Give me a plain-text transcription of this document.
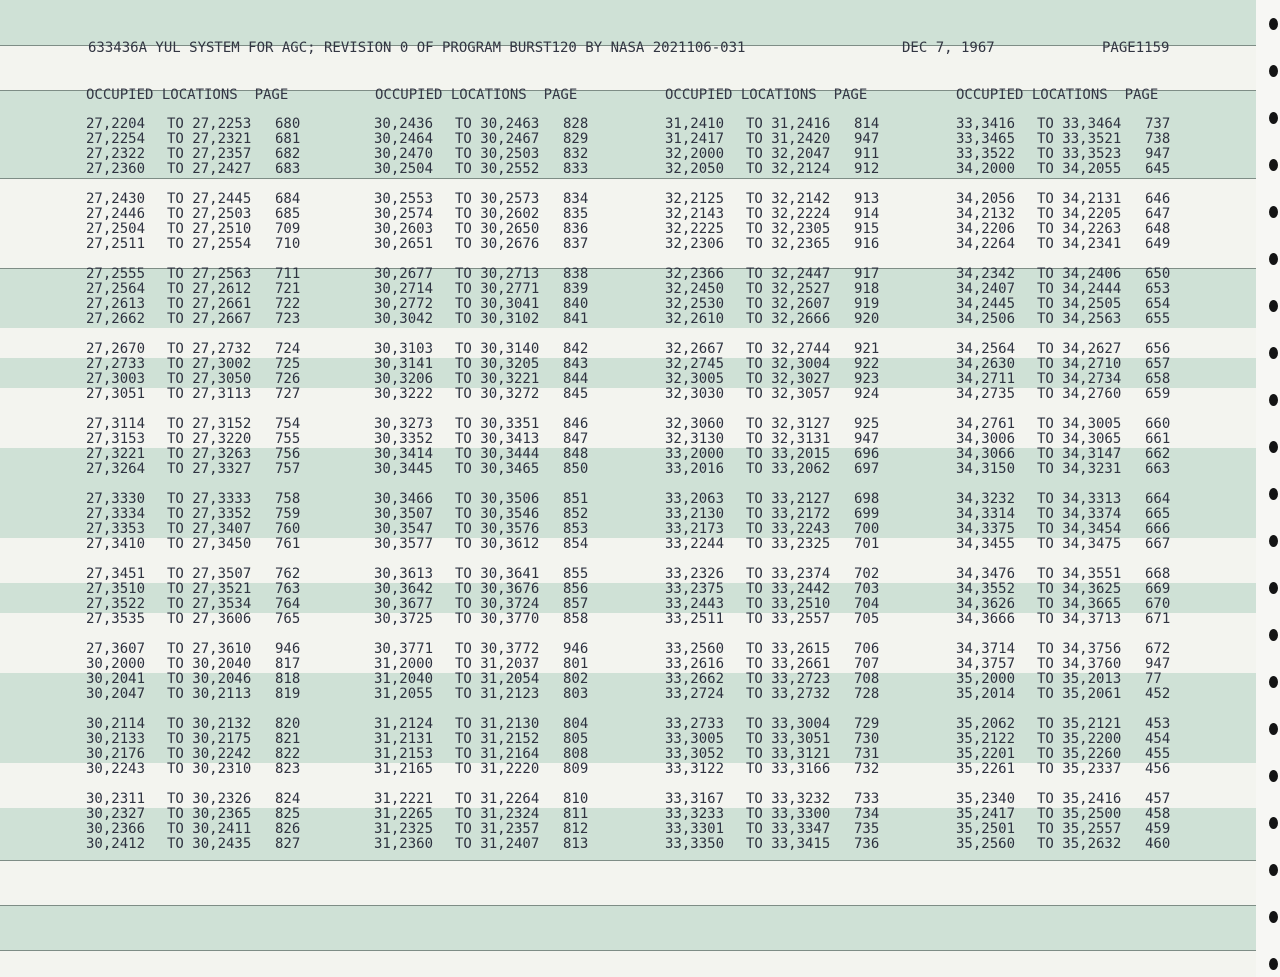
633436A YUL SYSTEM FOR AGC; REVISION 0 OF PROGRAM BURST120 BY NASA 2021106-031	DEC 7, 1967	PAGE1159
OCCUPIED LOCATIONS  PAGE	OCCUPIED LOCATIONS  PAGE	OCCUPIED LOCATIONS  PAGE	OCCUPIED LOCATIONS  PAGE
27,2204 TO 27,2253 680
27,2254 TO 27,2321 681
27,2322 TO 27,2357 682
27,2360 TO 27,2427 683
27,2430 TO 27,2445 684
27,2446 TO 27,2503 685
27,2504 TO 27,2510 709
27,2511 TO 27,2554 710
27,2555 TO 27,2563 711
27,2564 TO 27,2612 721
27,2613 TO 27,2661 722
27,2662 TO 27,2667 723
27,2670 TO 27,2732 724
27,2733 TO 27,3002 725
27,3003 TO 27,3050 726
27,3051 TO 27,3113 727
27,3114 TO 27,3152 754
27,3153 TO 27,3220 755
27,3221 TO 27,3263 756
27,3264 TO 27,3327 757
27,3330 TO 27,3333 758
27,3334 TO 27,3352 759
27,3353 TO 27,3407 760
27,3410 TO 27,3450 761
27,3451 TO 27,3507 762
27,3510 TO 27,3521 763
27,3522 TO 27,3534 764
27,3535 TO 27,3606 765
27,3607 TO 27,3610 946
30,2000 TO 30,2040 817
30,2041 TO 30,2046 818
30,2047 TO 30,2113 819
30,2114 TO 30,2132 820
30,2133 TO 30,2175 821
30,2176 TO 30,2242 822
30,2243 TO 30,2310 823
30,2311 TO 30,2326 824
30,2327 TO 30,2365 825
30,2366 TO 30,2411 826
30,2412 TO 30,2435 827
30,2436 TO 30,2463 828
30,2464 TO 30,2467 829
30,2470 TO 30,2503 832
30,2504 TO 30,2552 833
30,2553 TO 30,2573 834
30,2574 TO 30,2602 835
30,2603 TO 30,2650 836
30,2651 TO 30,2676 837
30,2677 TO 30,2713 838
30,2714 TO 30,2771 839
30,2772 TO 30,3041 840
30,3042 TO 30,3102 841
30,3103 TO 30,3140 842
30,3141 TO 30,3205 843
30,3206 TO 30,3221 844
30,3222 TO 30,3272 845
30,3273 TO 30,3351 846
30,3352 TO 30,3413 847
30,3414 TO 30,3444 848
30,3445 TO 30,3465 850
30,3466 TO 30,3506 851
30,3507 TO 30,3546 852
30,3547 TO 30,3576 853
30,3577 TO 30,3612 854
30,3613 TO 30,3641 855
30,3642 TO 30,3676 856
30,3677 TO 30,3724 857
30,3725 TO 30,3770 858
30,3771 TO 30,3772 946
31,2000 TO 31,2037 801
31,2040 TO 31,2054 802
31,2055 TO 31,2123 803
31,2124 TO 31,2130 804
31,2131 TO 31,2152 805
31,2153 TO 31,2164 808
31,2165 TO 31,2220 809
31,2221 TO 31,2264 810
31,2265 TO 31,2324 811
31,2325 TO 31,2357 812
31,2360 TO 31,2407 813
31,2410 TO 31,2416 814
31,2417 TO 31,2420 947
32,2000 TO 32,2047 911
32,2050 TO 32,2124 912
32,2125 TO 32,2142 913
32,2143 TO 32,2224 914
32,2225 TO 32,2305 915
32,2306 TO 32,2365 916
32,2366 TO 32,2447 917
32,2450 TO 32,2527 918
32,2530 TO 32,2607 919
32,2610 TO 32,2666 920
32,2667 TO 32,2744 921
32,2745 TO 32,3004 922
32,3005 TO 32,3027 923
32,3030 TO 32,3057 924
32,3060 TO 32,3127 925
32,3130 TO 32,3131 947
33,2000 TO 33,2015 696
33,2016 TO 33,2062 697
33,2063 TO 33,2127 698
33,2130 TO 33,2172 699
33,2173 TO 33,2243 700
33,2244 TO 33,2325 701
33,2326 TO 33,2374 702
33,2375 TO 33,2442 703
33,2443 TO 33,2510 704
33,2511 TO 33,2557 705
33,2560 TO 33,2615 706
33,2616 TO 33,2661 707
33,2662 TO 33,2723 708
33,2724 TO 33,2732 728
33,2733 TO 33,3004 729
33,3005 TO 33,3051 730
33,3052 TO 33,3121 731
33,3122 TO 33,3166 732
33,3167 TO 33,3232 733
33,3233 TO 33,3300 734
33,3301 TO 33,3347 735
33,3350 TO 33,3415 736
33,3416 TO 33,3464 737
33,3465 TO 33,3521 738
33,3522 TO 33,3523 947
34,2000 TO 34,2055 645
34,2056 TO 34,2131 646
34,2132 TO 34,2205 647
34,2206 TO 34,2263 648
34,2264 TO 34,2341 649
34,2342 TO 34,2406 650
34,2407 TO 34,2444 653
34,2445 TO 34,2505 654
34,2506 TO 34,2563 655
34,2564 TO 34,2627 656
34,2630 TO 34,2710 657
34,2711 TO 34,2734 658
34,2735 TO 34,2760 659
34,2761 TO 34,3005 660
34,3006 TO 34,3065 661
34,3066 TO 34,3147 662
34,3150 TO 34,3231 663
34,3232 TO 34,3313 664
34,3314 TO 34,3374 665
34,3375 TO 34,3454 666
34,3455 TO 34,3475 667
34,3476 TO 34,3551 668
34,3552 TO 34,3625 669
34,3626 TO 34,3665 670
34,3666 TO 34,3713 671
34,3714 TO 34,3756 672
34,3757 TO 34,3760 947
35,2000 TO 35,2013 77
35,2014 TO 35,2061 452
35,2062 TO 35,2121 453
35,2122 TO 35,2200 454
35,2201 TO 35,2260 455
35,2261 TO 35,2337 456
35,2340 TO 35,2416 457
35,2417 TO 35,2500 458
35,2501 TO 35,2557 459
35,2560 TO 35,2632 460
